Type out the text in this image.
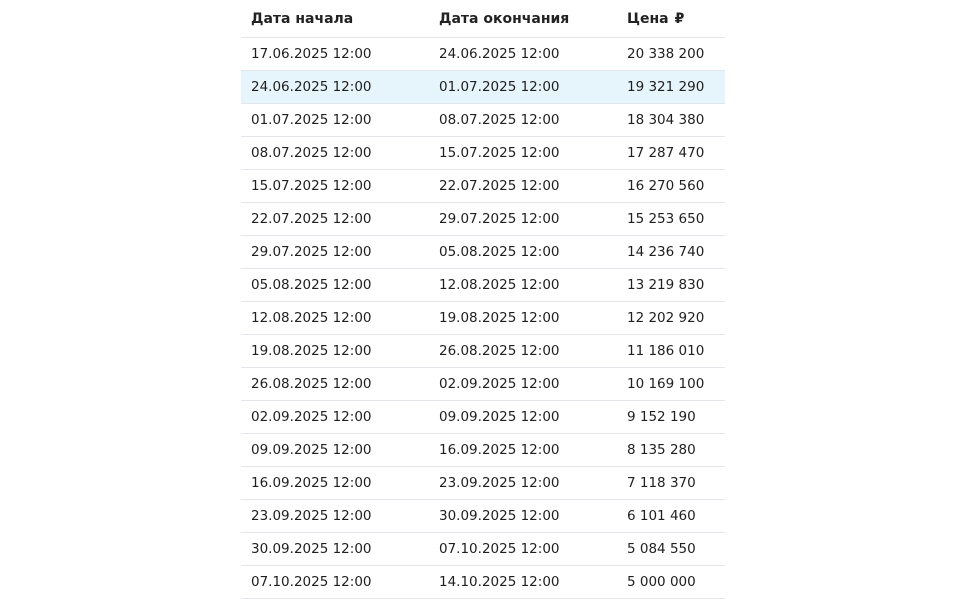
Дата начала	Дата окончания	Цена ₽
17.06.2025 12:00	24.06.2025 12:00	20 338 200
24.06.2025 12:00	01.07.2025 12:00	19 321 290
01.07.2025 12:00	08.07.2025 12:00	18 304 380
08.07.2025 12:00	15.07.2025 12:00	17 287 470
15.07.2025 12:00	22.07.2025 12:00	16 270 560
22.07.2025 12:00	29.07.2025 12:00	15 253 650
29.07.2025 12:00	05.08.2025 12:00	14 236 740
05.08.2025 12:00	12.08.2025 12:00	13 219 830
12.08.2025 12:00	19.08.2025 12:00	12 202 920
19.08.2025 12:00	26.08.2025 12:00	11 186 010
26.08.2025 12:00	02.09.2025 12:00	10 169 100
02.09.2025 12:00	09.09.2025 12:00	9 152 190
09.09.2025 12:00	16.09.2025 12:00	8 135 280
16.09.2025 12:00	23.09.2025 12:00	7 118 370
23.09.2025 12:00	30.09.2025 12:00	6 101 460
30.09.2025 12:00	07.10.2025 12:00	5 084 550
07.10.2025 12:00	14.10.2025 12:00	5 000 000
